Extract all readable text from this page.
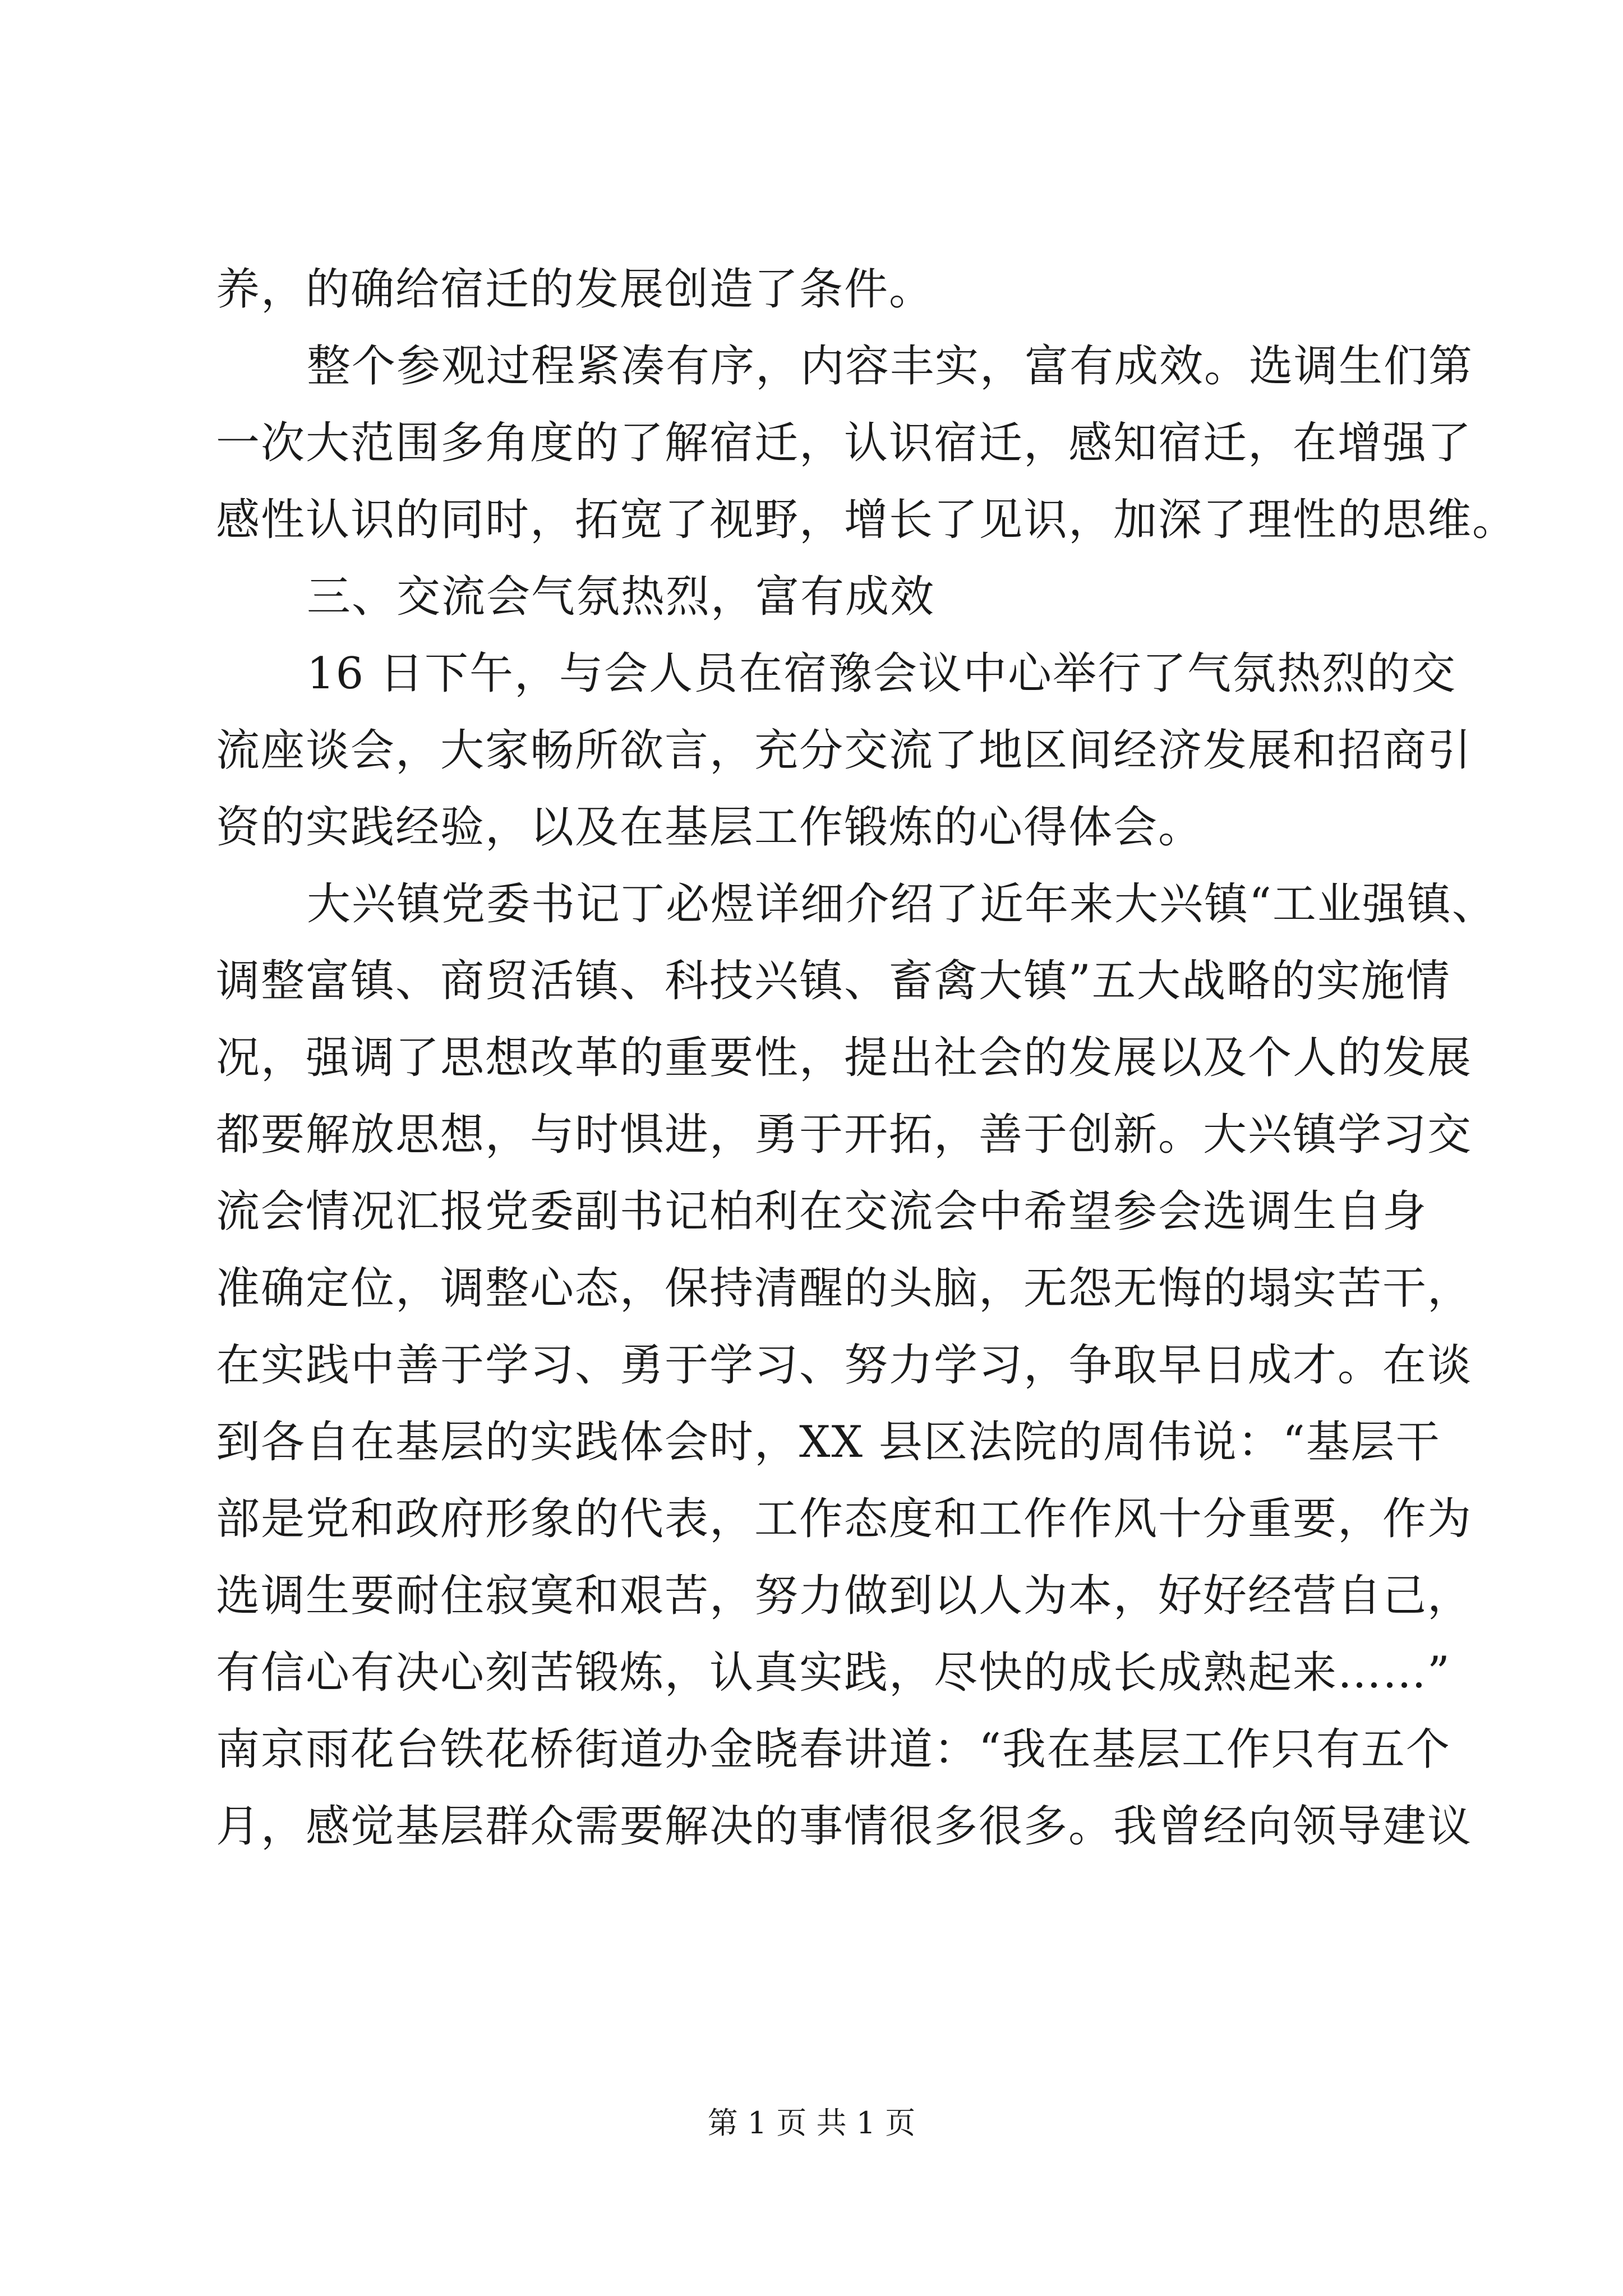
养，的确给宿迁的发展创造了条件。
整个参观过程紧凑有序，内容丰实，富有成效。选调生们第
一次大范围多角度的了解宿迁，认识宿迁，感知宿迁，在增强了
感性认识的同时，拓宽了视野，增长了见识，加深了理性的思维。
三、交流会气氛热烈，富有成效
16 日下午，与会人员在宿豫会议中心举行了气氛热烈的交
流座谈会，大家畅所欲言，充分交流了地区间经济发展和招商引
资的实践经验，以及在基层工作锻炼的心得体会。
大兴镇党委书记丁必煜详细介绍了近年来大兴镇“工业强镇、
调整富镇、商贸活镇、科技兴镇、畜禽大镇”五大战略的实施情
况，强调了思想改革的重要性，提出社会的发展以及个人的发展
都要解放思想，与时惧进，勇于开拓，善于创新。大兴镇学习交
流会情况汇报党委副书记柏利在交流会中希望参会选调生自身
准确定位，调整心态，保持清醒的头脑，无怨无悔的塌实苦干，
在实践中善于学习、勇于学习、努力学习，争取早日成才。在谈
到各自在基层的实践体会时，XX 县区法院的周伟说：“基层干
部是党和政府形象的代表，工作态度和工作作风十分重要，作为
选调生要耐住寂寞和艰苦，努力做到以人为本，好好经营自己，
有信心有决心刻苦锻炼，认真实践，尽快的成长成熟起来……”
南京雨花台铁花桥街道办金晓春讲道：“我在基层工作只有五个
月，感觉基层群众需要解决的事情很多很多。我曾经向领导建议
第 1 页 共 1 页
